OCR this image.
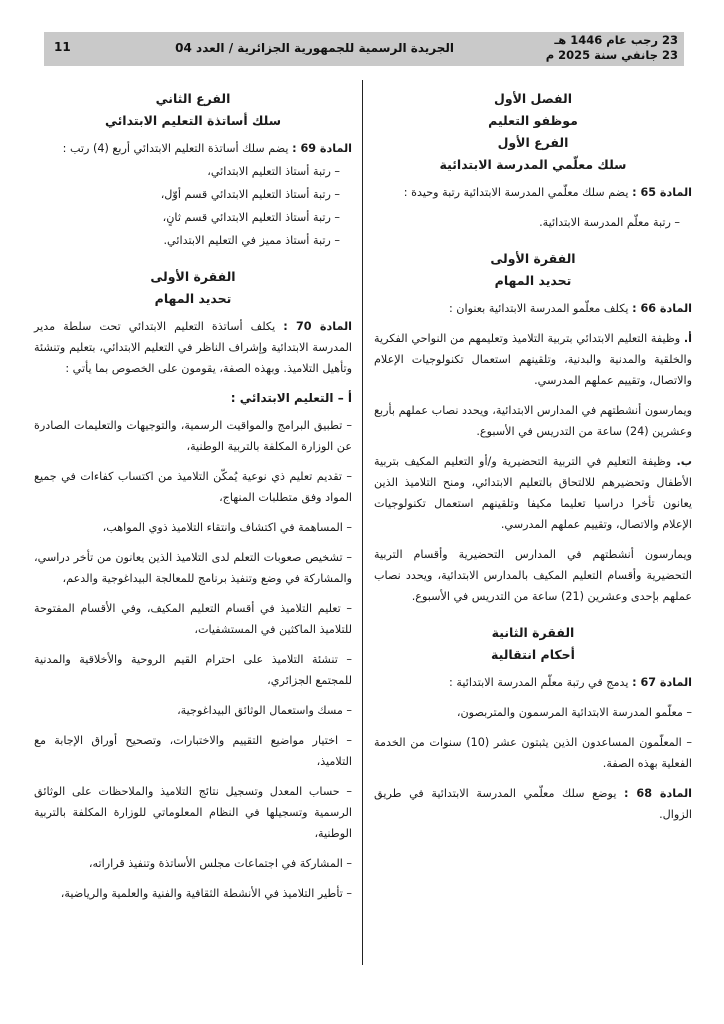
23 رجب عام 1446 هـ
23 جانفي سنة 2025 م
الجريدة الرسمية للجمهورية الجزائرية / العدد 04
11
الفصل الأول
موظفو التعليم
الفرع الأول
سلك معلّمي المدرسة الابتدائية

المادة 65 : يضم سلك معلّمي المدرسة الابتدائية رتبة وحيدة :

– رتبة معلّم المدرسة الابتدائية.

الفقرة الأولى
تحديد المهام

المادة 66 : يكلف معلّمو المدرسة الابتدائية بعنوان :

أ. وظيفة التعليم الابتدائي بتربية التلاميذ وتعليمهم من النواحي الفكرية والخلقية والمدنية والبدنية، وتلقينهم استعمال تكنولوجيات الإعلام والاتصال، وتقييم عملهم المدرسي.

ويمارسون أنشطتهم في المدارس الابتدائية، ويحدد نصاب عملهم بأربع وعشرين (24) ساعة من التدريس في الأسبوع.

ب. وظيفة التعليم في التربية التحضيرية و/أو التعليم المكيف بتربية الأطفال وتحضيرهم للالتحاق بالتعليم الابتدائي، ومنح التلاميذ الذين يعانون تأخرا دراسيا تعليما مكيفا وتلقينهم استعمال تكنولوجيات الإعلام والاتصال، وتقييم عملهم المدرسي.

ويمارسون أنشطتهم في المدارس التحضيرية وأقسام التربية التحضيرية وأقسام التعليم المكيف بالمدارس الابتدائية، ويحدد نصاب عملهم بإحدى وعشرين (21) ساعة من التدريس في الأسبوع.

الفقرة الثانية
أحكام انتقالية

المادة 67 : يدمج في رتبة معلّم المدرسة الابتدائية :

– معلّمو المدرسة الابتدائية المرسمون والمتربصون،

– المعلّمون المساعدون الذين يثبتون عشر (10) سنوات من الخدمة الفعلية بهذه الصفة.

المادة 68 : يوضع سلك معلّمي المدرسة الابتدائية في طريق الزوال.

الفرع الثاني
سلك أساتذة التعليم الابتدائي

المادة 69 : يضم سلك أساتذة التعليم الابتدائي أربع (4) رتب :

– رتبة أستاذ التعليم الابتدائي،

– رتبة أستاذ التعليم الابتدائي قسم أوّل،

– رتبة أستاذ التعليم الابتدائي قسم ثانٍ،

– رتبة أستاذ مميز في التعليم الابتدائي.

الفقرة الأولى
تحديد المهام

المادة 70 : يكلف أساتذة التعليم الابتدائي تحت سلطة مدير المدرسة الابتدائية وإشراف الناظر في التعليم الابتدائي، بتعليم وتنشئة وتأهيل التلاميذ. وبهذه الصفة، يقومون على الخصوص بما يأتي :

أ – التعليم الابتدائي :

– تطبيق البرامج والمواقيت الرسمية، والتوجيهات والتعليمات الصادرة عن الوزارة المكلفة بالتربية الوطنية،

– تقديم تعليم ذي نوعية يُمكّن التلاميذ من اكتساب كفاءات في جميع المواد وفق متطلبات المنهاج،

– المساهمة في اكتشاف وانتقاء التلاميذ ذوي المواهب،

– تشخيص صعوبات التعلم لدى التلاميذ الذين يعانون من تأخر دراسي، والمشاركة في وضع وتنفيذ برنامج للمعالجة البيداغوجية والدعم،

– تعليم التلاميذ في أقسام التعليم المكيف، وفي الأقسام المفتوحة للتلاميذ الماكثين في المستشفيات،

– تنشئة التلاميذ على احترام القيم الروحية والأخلاقية والمدنية للمجتمع الجزائري،

– مسك واستعمال الوثائق البيداغوجية،

– اختيار مواضيع التقييم والاختبارات، وتصحيح أوراق الإجابة مع التلاميذ،

– حساب المعدل وتسجيل نتائج التلاميذ والملاحظات على الوثائق الرسمية وتسجيلها في النظام المعلوماتي للوزارة المكلفة بالتربية الوطنية،

– المشاركة في اجتماعات مجلس الأساتذة وتنفيذ قراراته،

– تأطير التلاميذ في الأنشطة الثقافية والفنية والعلمية والرياضية،
